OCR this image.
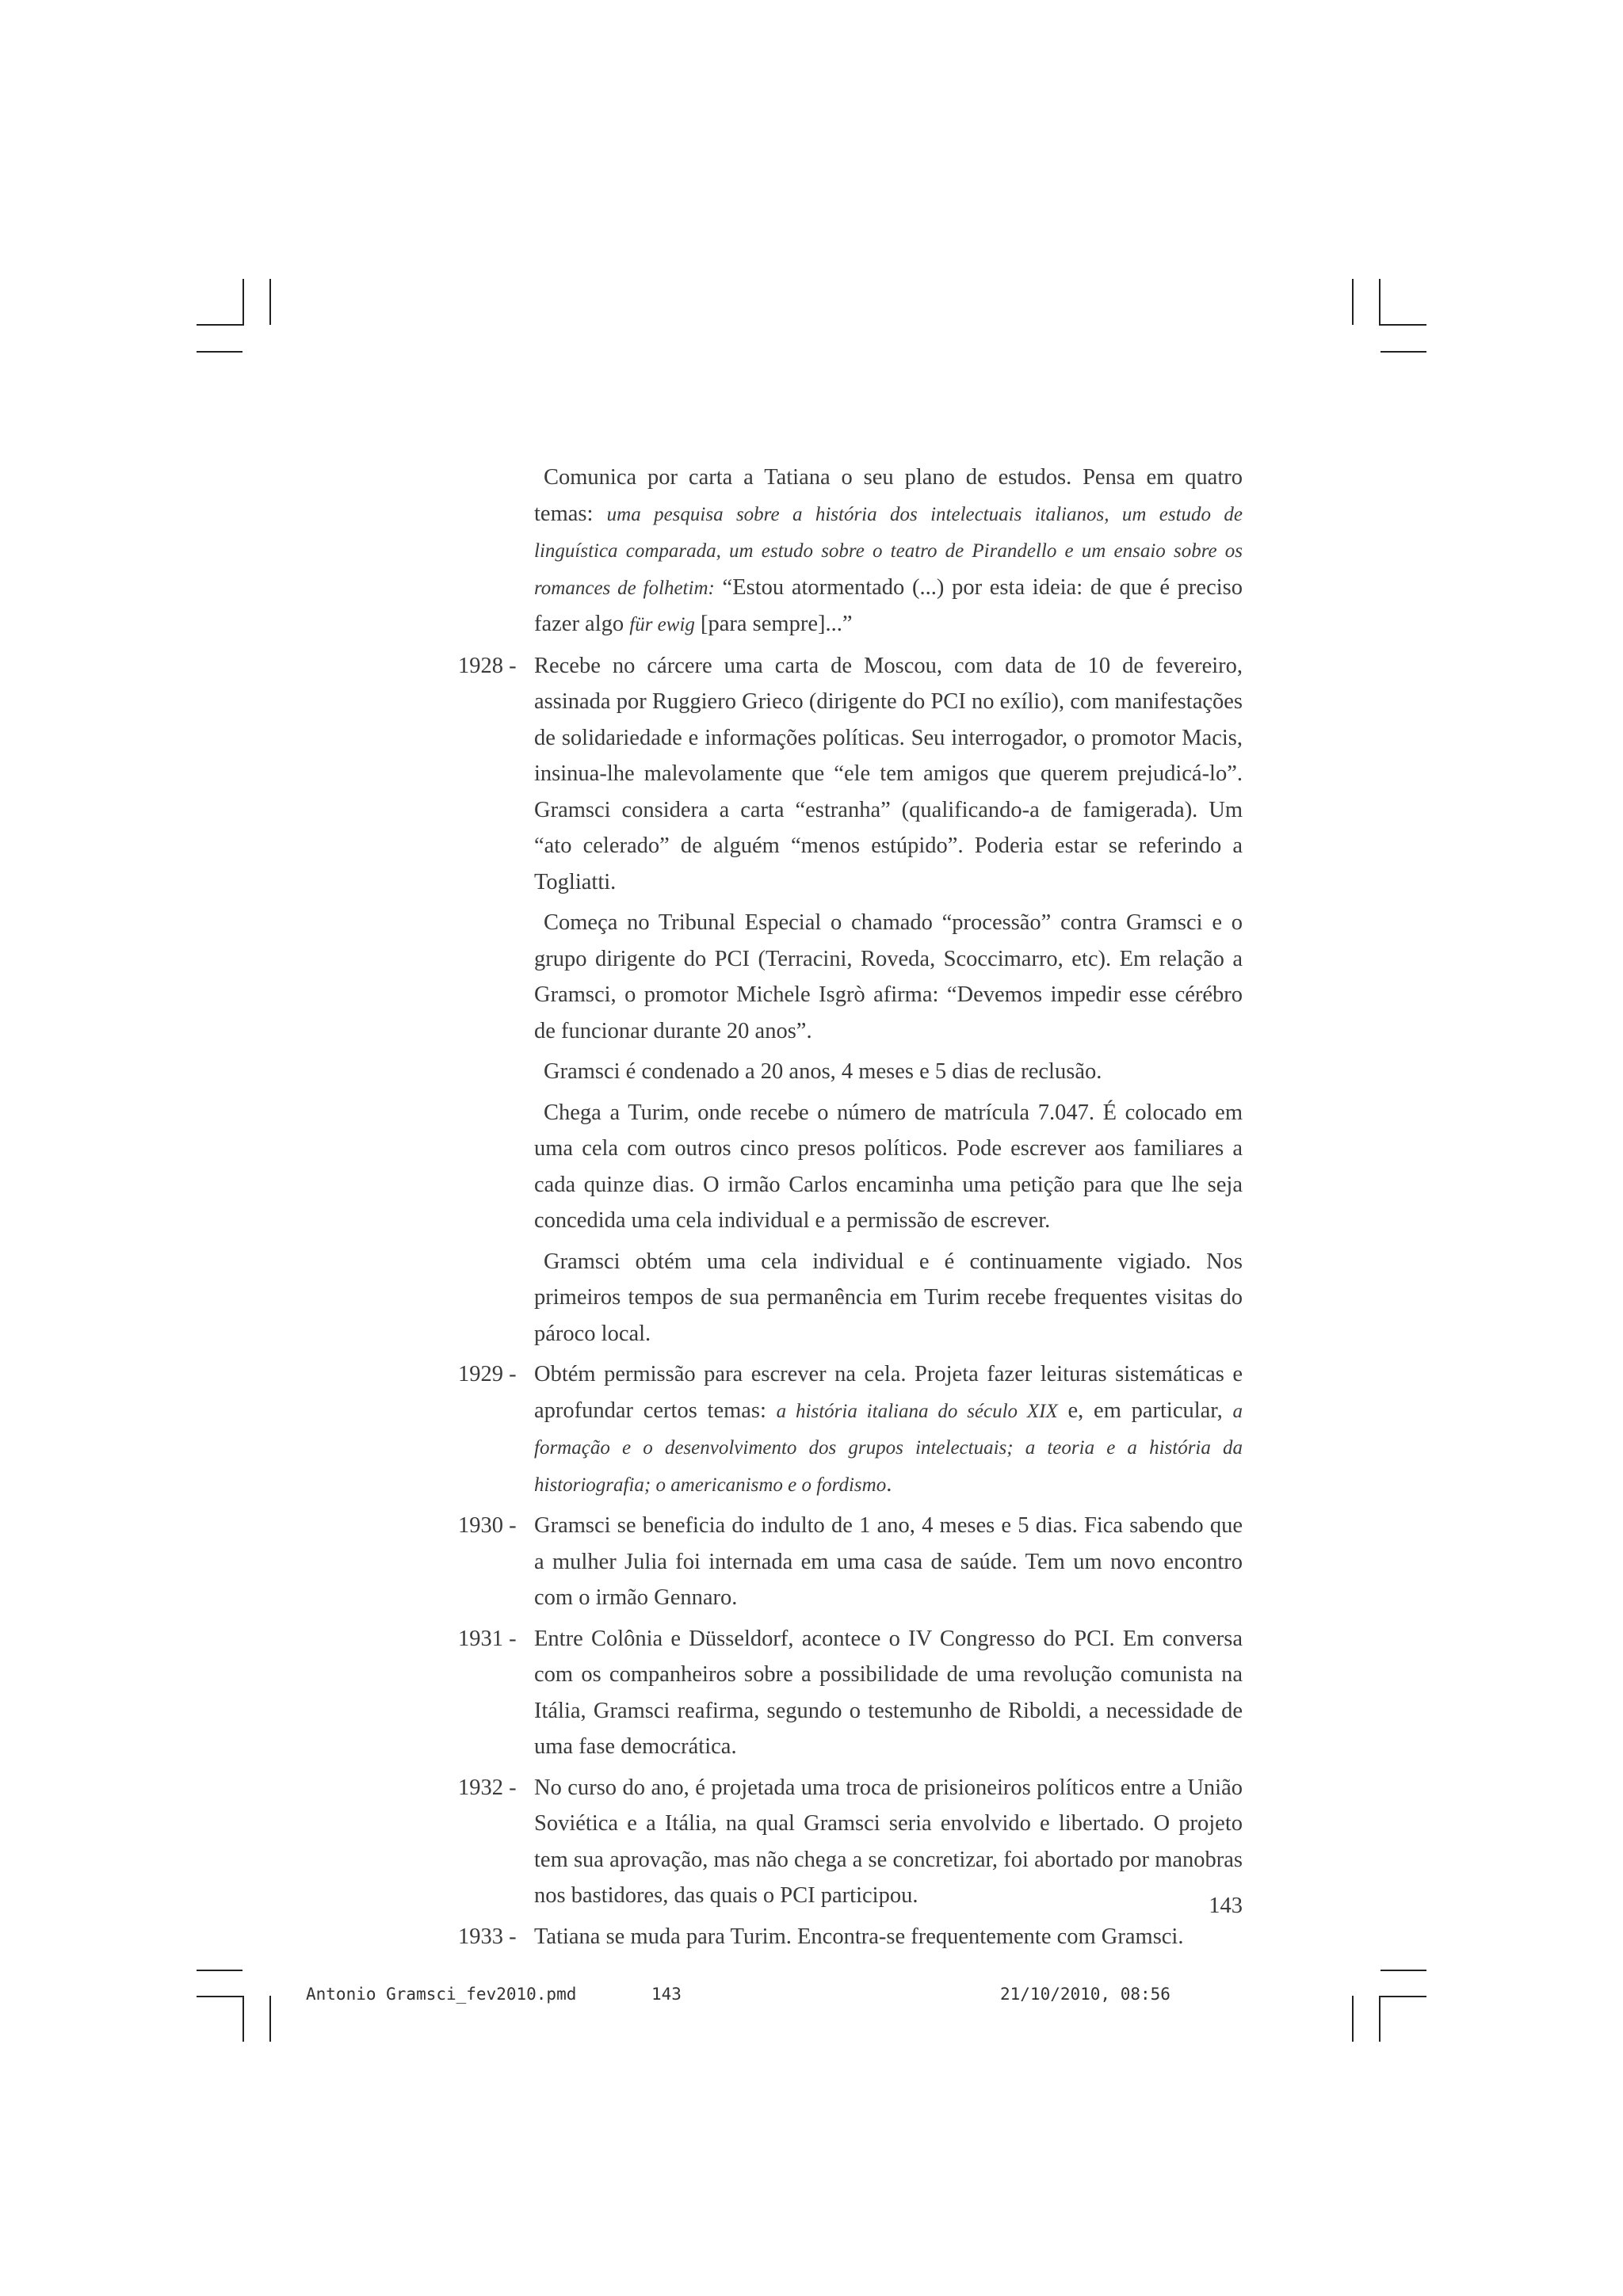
Comunica por carta a Tatiana o seu plano de estudos. Pensa em quatro temas: uma pesquisa sobre a história dos intelectuais italianos, um estudo de linguística comparada, um estudo sobre o teatro de Pirandello e um ensaio sobre os romances de folhetim: “Estou atormentado (...) por esta ideia: de que é preciso fazer algo für ewig [para sempre]...”
1928 - Recebe no cárcere uma carta de Moscou, com data de 10 de fevereiro, assinada por Ruggiero Grieco (dirigente do PCI no exílio), com manifestações de solidariedade e informações políticas. Seu interrogador, o promotor Macis, insinua-lhe malevolamente que “ele tem amigos que querem prejudicá-lo”. Gramsci considera a carta “estranha” (qualificando-a de famigerada). Um “ato celerado” de alguém “menos estúpido”. Poderia estar se referindo a Togliatti.
Começa no Tribunal Especial o chamado “processão” contra Gramsci e o grupo dirigente do PCI (Terracini, Roveda, Scoccimarro, etc). Em relação a Gramsci, o promotor Michele Isgrò afirma: “Devemos impedir esse cérébro de funcionar durante 20 anos”.
Gramsci é condenado a 20 anos, 4 meses e 5 dias de reclusão.
Chega a Turim, onde recebe o número de matrícula 7.047. É colocado em uma cela com outros cinco presos políticos. Pode escrever aos familiares a cada quinze dias. O irmão Carlos encaminha uma petição para que lhe seja concedida uma cela individual e a permissão de escrever.
Gramsci obtém uma cela individual e é continuamente vigiado. Nos primeiros tempos de sua permanência em Turim recebe frequentes visitas do pároco local.
1929 - Obtém permissão para escrever na cela. Projeta fazer leituras sistemáticas e aprofundar certos temas: a história italiana do século XIX e, em particular, a formação e o desenvolvimento dos grupos intelectuais; a teoria e a história da historiografia; o americanismo e o fordismo.
1930 - Gramsci se beneficia do indulto de 1 ano, 4 meses e 5 dias. Fica sabendo que a mulher Julia foi internada em uma casa de saúde. Tem um novo encontro com o irmão Gennaro.
1931 - Entre Colônia e Düsseldorf, acontece o IV Congresso do PCI. Em conversa com os companheiros sobre a possibilidade de uma revolução comunista na Itália, Gramsci reafirma, segundo o testemunho de Riboldi, a necessidade de uma fase democrática.
1932 - No curso do ano, é projetada uma troca de prisioneiros políticos entre a União Soviética e a Itália, na qual Gramsci seria envolvido e libertado. O projeto tem sua aprovação, mas não chega a se concretizar, foi abortado por manobras nos bastidores, das quais o PCI participou.
1933 - Tatiana se muda para Turim. Encontra-se frequentemente com Gramsci.
143
Antonio Gramsci_fev2010.pmd	143	21/10/2010, 08:56
